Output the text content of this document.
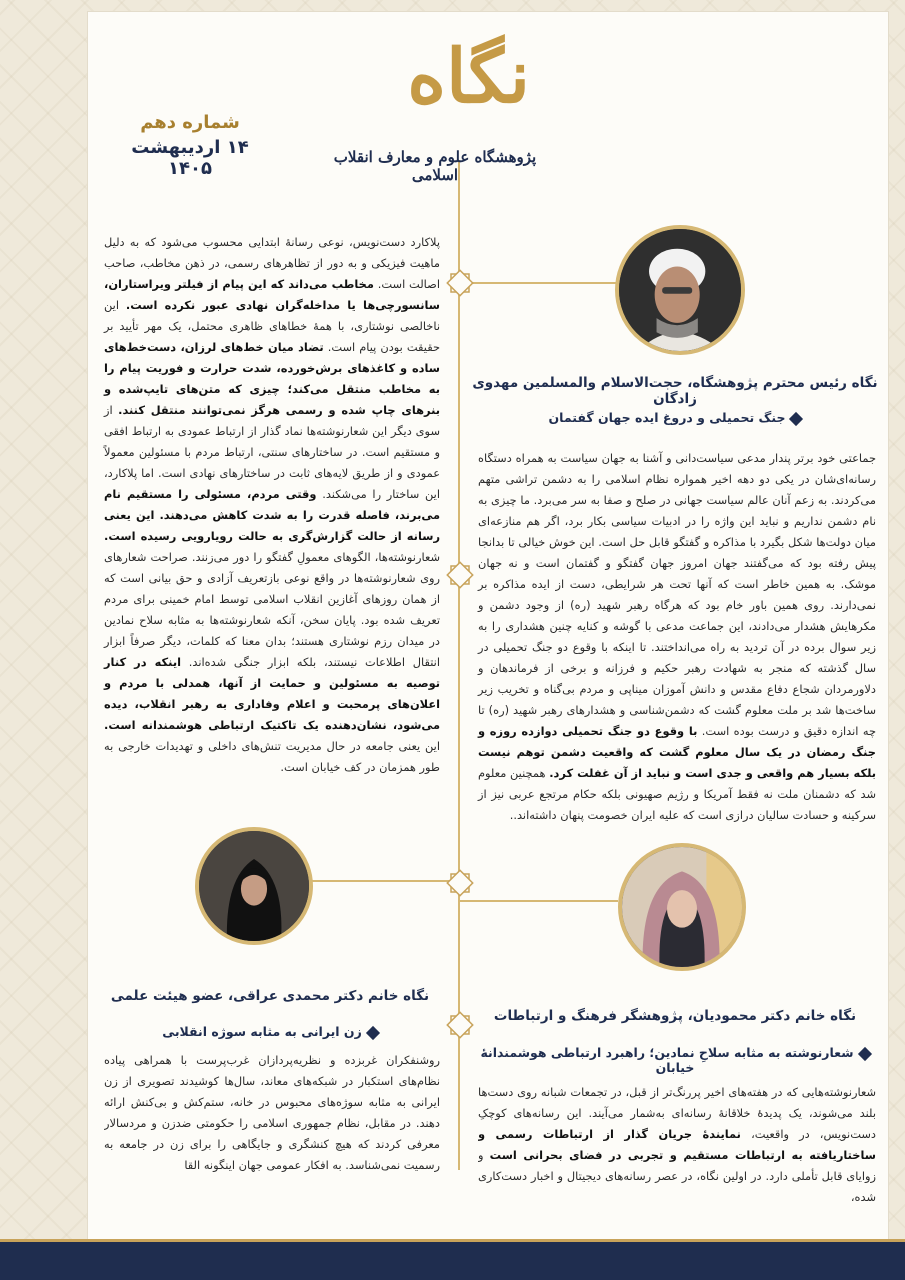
شماره دهم
۱۴ اردیبهشت ۱۴۰۵
نگاه
پژوهشگاه علوم و معارف انقلاب اسلامی
نگاه رئیس محترم پژوهشگاه، حجت‌الاسلام والمسلمین مهدوی زادگان
جنگ تحمیلی و دروغ ایده جهان گفتمان
جماعتی خود برتر پندار مدعی سیاست‌دانی و آشنا به جهان سیاست به همراه دستگاه رسانه‌ای‌شان در یکی دو دهه اخیر همواره نظام اسلامی را به دشمن تراشی متهم می‌کردند. به زعم آنان عالم سیاست جهانی در صلح و صفا به سر می‌برد. ما چیزی به نام دشمن نداریم و نباید این واژه را در ادبیات سیاسی بکار برد، اگر هم منازعه‌ای میان دولت‌ها شکل بگیرد با مذاکره و گفتگو قابل حل است. این خوش خیالی تا بدانجا پیش رفته بود که می‌گفتند جهان امروز جهان گفتگو و گفتمان است و نه جهان موشک. به همین خاطر است که آنها تحت هر شرایطی، دست از ایده مذاکره بر نمی‌دارند. روی همین باور خام بود که هرگاه رهبر شهید (ره) از وجود دشمن و مکرهایش هشدار می‌دادند، این جماعت مدعی با گوشه و کنایه چنین هشداری را به زیر سوال برده در آن تردید به راه می‌انداختند. تا اینکه با وقوع دو جنگ تحمیلی در سال گذشته که منجر به شهادت رهبر حکیم و فرزانه و برخی از فرماندهان و دلاورمردان شجاع دفاع مقدس و دانش آموزان میناپی و مردم بی‌گناه و تخریب زیر ساخت‌ها شد بر ملت معلوم گشت که دشمن‌شناسی و هشدارهای رهبر شهید (ره) تا چه اندازه دقیق و درست بوده است. با وقوع دو جنگ تحمیلی دوازده روزه و جنگ رمضان در یک سال معلوم گشت که واقعیت دشمن توهم نیست بلکه بسیار هم واقعی و جدی است و نباید از آن غفلت کرد. همچنین معلوم شد که دشمنان ملت نه فقط آمریکا و رژیم صهیونی بلکه حکام مرتجع عربی نیز از سرکینه و حسادت سالیان درازی است که علیه ایران خصومت پنهان داشته‌اند..
پلاکارد دست‌نویس، نوعی رسانهٔ ابتدایی محسوب می‌شود که به دلیل ماهیت فیزیکی و به دور از تظاهرهای رسمی، در ذهن مخاطب، صاحب اصالت است. مخاطب می‌داند که این پیام از فیلتر ویراستاران، سانسورچی‌ها یا مداخله‌گران نهادی عبور نکرده است. این ناخالصی نوشتاری، با همهٔ خطاهای ظاهری محتمل، یک مهر تأیید بر حقیقت بودن پیام است. تضاد میان خط‌های لرزان، دست‌خط‌های ساده و کاغذهای برش‌خورده، شدت حرارت و فوریت پیام را به مخاطب منتقل می‌کند؛ چیزی که متن‌های تایپ‌شده و بنرهای چاپ شده و رسمی هرگز نمی‌توانند منتقل کنند. از سوی دیگر این شعارنوشته‌ها نماد گذار از ارتباط عمودی به ارتباط افقی و مستقیم است. در ساختارهای سنتی، ارتباط مردم با مسئولین معمولاً عمودی و از طریق لایه‌های ثابت در ساختارهای نهادی است. اما پلاکارد، این ساختار را می‌شکند. وقتی مردم، مسئولی را مستقیم نام می‌برند، فاصله قدرت را به شدت کاهش می‌دهند. این یعنی رسانه از حالت گزارش‌گری به حالت رویارویی رسیده است. شعارنوشته‌ها، الگوهای معمولِ گفتگو را دور می‌زنند. صراحت شعارهای روی شعارنوشته‌ها در واقع نوعی بازتعریف آزادی و حق بیانی است که از همان روزهای آغازین انقلاب اسلامی توسط امام خمینی برای مردم تعریف شده بود. پایان سخن، آنکه شعارنوشته‌ها به مثابه سلاح نمادین در میدان رزم نوشتاری هستند؛ بدان معنا که کلمات، دیگر صرفاً ابزار انتقال اطلاعات نیستند، بلکه ابزار جنگی شده‌اند. اینکه در کنار توصیه به مسئولین و حمایت از آنها، همدلی با مردم و اعلان‌های پرمحبت و اعلام وفاداری به رهبر انقلاب، دیده می‌شود، نشان‌دهنده یک تاکتیک ارتباطی هوشمندانه است. این یعنی جامعه در حال مدیریت تنش‌های داخلی و تهدیدات خارجی به طور همزمان در کف خیابان است.
نگاه خانم دکتر محمدی عراقی، عضو هیئت علمی
زن ایرانی به مثابه سوژه انقلابی
روشنفکران غربزده و نظریه‌پردازان غرب‌پرست با همراهی پیاده نظام‌های استکبار در شبکه‌های معاند، سال‌ها کوشیدند تصویری از زن ایرانی به مثابه سوژه‌های محبوس در خانه، ستم‌کش و بی‌کنش ارائه دهند. در مقابل، نظام جمهوری اسلامی را حکومتی ضدزن و مردسالار معرفی کردند که هیچ کنشگری و جایگاهی را برای زن در جامعه به رسمیت نمی‌شناسد. به افکار عمومی جهان اینگونه القا
نگاه خانم دکتر محمودیان، پژوهشگر فرهنگ و ارتباطات
شعارنوشته به مثابه سلاحِ نمادین؛ راهبرد ارتباطی هوشمندانهٔ خیابان
شعارنوشته‌هایی که در هفته‌های اخیر پررنگ‌تر از قبل، در تجمعات شبانه روی دست‌ها بلند می‌شوند، یک پدیدهٔ خلاقانهٔ رسانه‌ای به‌شمار می‌آیند. این رسانه‌های کوچکِ دست‌نویس، در واقعیت، نمایندهٔ جریان گذار از ارتباطات رسمی و ساختاریافته به ارتباطات مستقیم و تجربی در فضای بحرانی است و زوایای قابل تأملی دارد. در اولین نگاه، در عصر رسانه‌های دیجیتال و اخبار دست‌کاری شده،
